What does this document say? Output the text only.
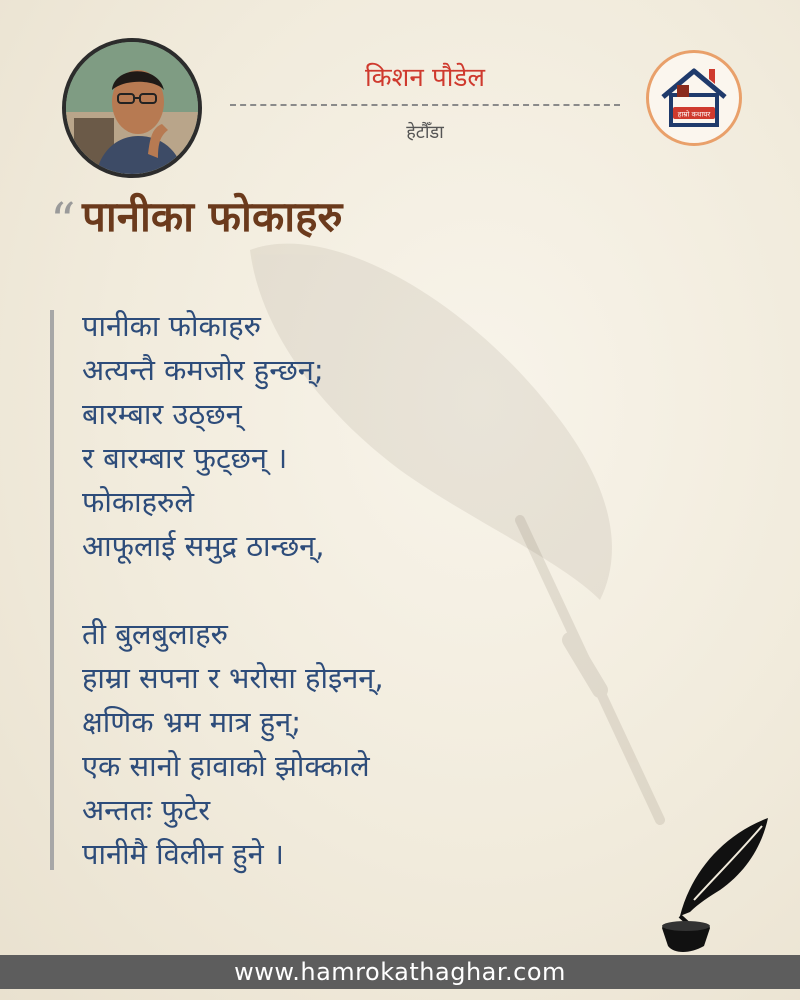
किशन पौडेल
हेटौँडा
हाम्रो कथाघर
“ पानीका फोकाहरु
पानीका फोकाहरु
अत्यन्तै कमजोर हुन्छन्;
बारम्बार उठ्छन्
र बारम्बार फुट्छन् ।
फोकाहरुले
आफूलाई समुद्र ठान्छन्,
ती बुलबुलाहरु
हाम्रा सपना र भरोसा होइनन्,
क्षणिक भ्रम मात्र हुन्;
एक सानो हावाको झोक्काले
अन्ततः फुटेर
पानीमै विलीन हुने ।
www.hamrokathaghar.com
